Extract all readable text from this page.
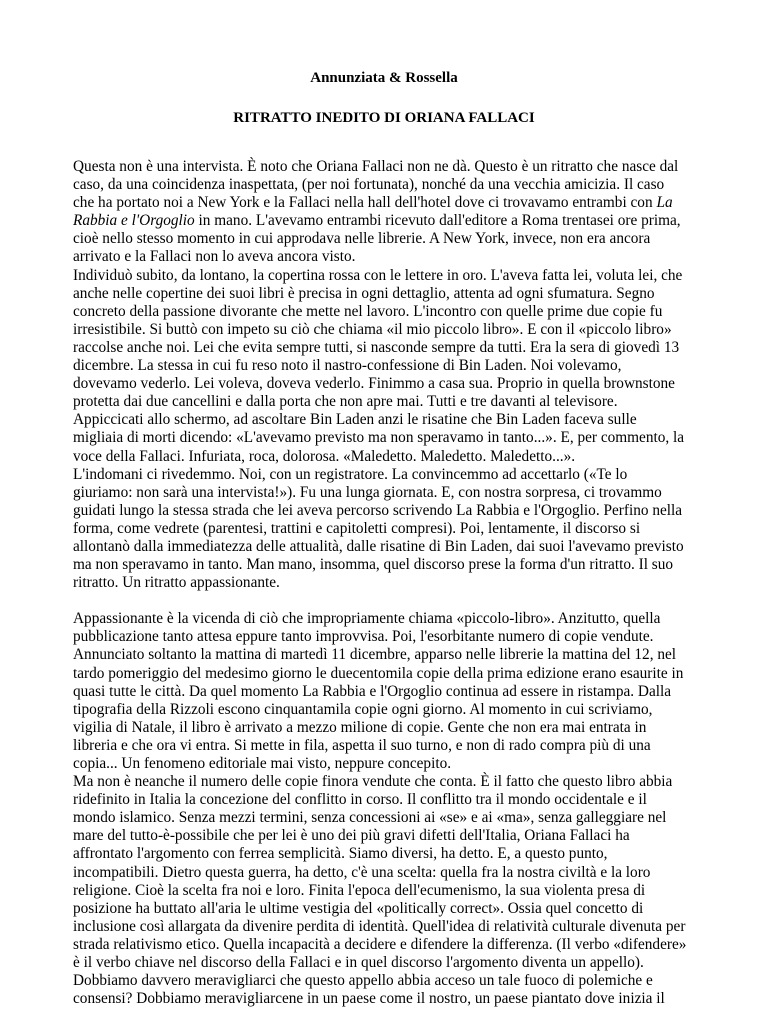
Annunziata & Rossella
RITRATTO INEDITO DI ORIANA FALLACI

Questa non è una intervista. È noto che Oriana Fallaci non ne dà. Questo è un ritratto che nasce dal
caso, da una coincidenza inaspettata, (per noi fortunata), nonché da una vecchia amicizia. Il caso
che ha portato noi a New York e la Fallaci nella hall dell'hotel dove ci trovavamo entrambi con La
Rabbia e l'Orgoglio in mano. L'avevamo entrambi ricevuto dall'editore a Roma trentasei ore prima,
cioè nello stesso momento in cui approdava nelle librerie. A New York, invece, non era ancora
arrivato e la Fallaci non lo aveva ancora visto.

Individuò subito, da lontano, la copertina rossa con le lettere in oro. L'aveva fatta lei, voluta lei, che
anche nelle copertine dei suoi libri è precisa in ogni dettaglio, attenta ad ogni sfumatura. Segno
concreto della passione divorante che mette nel lavoro. L'incontro con quelle prime due copie fu
irresistibile. Si buttò con impeto su ciò che chiama «il mio piccolo libro». E con il «piccolo libro»
raccolse anche noi. Lei che evita sempre tutti, si nasconde sempre da tutti. Era la sera di giovedì 13
dicembre. La stessa in cui fu reso noto il nastro-confessione di Bin Laden. Noi volevamo,
dovevamo vederlo. Lei voleva, doveva vederlo. Finimmo a casa sua. Proprio in quella brownstone
protetta dai due cancellini e dalla porta che non apre mai. Tutti e tre davanti al televisore.
Appiccicati allo schermo, ad ascoltare Bin Laden anzi le risatine che Bin Laden faceva sulle
migliaia di morti dicendo: «L'avevamo previsto ma non speravamo in tanto...». E, per commento, la
voce della Fallaci. Infuriata, roca, dolorosa. «Maledetto. Maledetto. Maledetto...».

L'indomani ci rivedemmo. Noi, con un registratore. La convincemmo ad accettarlo («Te lo
giuriamo: non sarà una intervista!»). Fu una lunga giornata. E, con nostra sorpresa, ci trovammo
guidati lungo la stessa strada che lei aveva percorso scrivendo La Rabbia e l'Orgoglio. Perfino nella
forma, come vedrete (parentesi, trattini e capitoletti compresi). Poi, lentamente, il discorso si
allontanò dalla immediatezza delle attualità, dalle risatine di Bin Laden, dai suoi l'avevamo previsto
ma non speravamo in tanto. Man mano, insomma, quel discorso prese la forma d'un ritratto. Il suo
ritratto. Un ritratto appassionante.

Appassionante è la vicenda di ciò che impropriamente chiama «piccolo-libro». Anzitutto, quella
pubblicazione tanto attesa eppure tanto improvvisa. Poi, l'esorbitante numero di copie vendute.
Annunciato soltanto la mattina di martedì 11 dicembre, apparso nelle librerie la mattina del 12, nel
tardo pomeriggio del medesimo giorno le duecentomila copie della prima edizione erano esaurite in
quasi tutte le città. Da quel momento La Rabbia e l'Orgoglio continua ad essere in ristampa. Dalla
tipografia della Rizzoli escono cinquantamila copie ogni giorno. Al momento in cui scriviamo,
vigilia di Natale, il libro è arrivato a mezzo milione di copie. Gente che non era mai entrata in
libreria e che ora vi entra. Si mette in fila, aspetta il suo turno, e non di rado compra più di una
copia... Un fenomeno editoriale mai visto, neppure concepito.

Ma non è neanche il numero delle copie finora vendute che conta. È il fatto che questo libro abbia
ridefinito in Italia la concezione del conflitto in corso. Il conflitto tra il mondo occidentale e il
mondo islamico. Senza mezzi termini, senza concessioni ai «se» e ai «ma», senza galleggiare nel
mare del tutto-è-possibile che per lei è uno dei più gravi difetti dell'Italia, Oriana Fallaci ha
affrontato l'argomento con ferrea semplicità. Siamo diversi, ha detto. E, a questo punto,
incompatibili. Dietro questa guerra, ha detto, c'è una scelta: quella fra la nostra civiltà e la loro
religione. Cioè la scelta fra noi e loro. Finita l'epoca dell'ecumenismo, la sua violenta presa di
posizione ha buttato all'aria le ultime vestigia del «politically correct». Ossia quel concetto di
inclusione così allargata da divenire perdita di identità. Quell'idea di relatività culturale divenuta per
strada relativismo etico. Quella incapacità a decidere e difendere la differenza. (Il verbo «difendere»
è il verbo chiave nel discorso della Fallaci e in quel discorso l'argomento diventa un appello).
Dobbiamo davvero meravigliarci che questo appello abbia acceso un tale fuoco di polemiche e
consensi? Dobbiamo meravigliarcene in un paese come il nostro, un paese piantato dove inizia il
